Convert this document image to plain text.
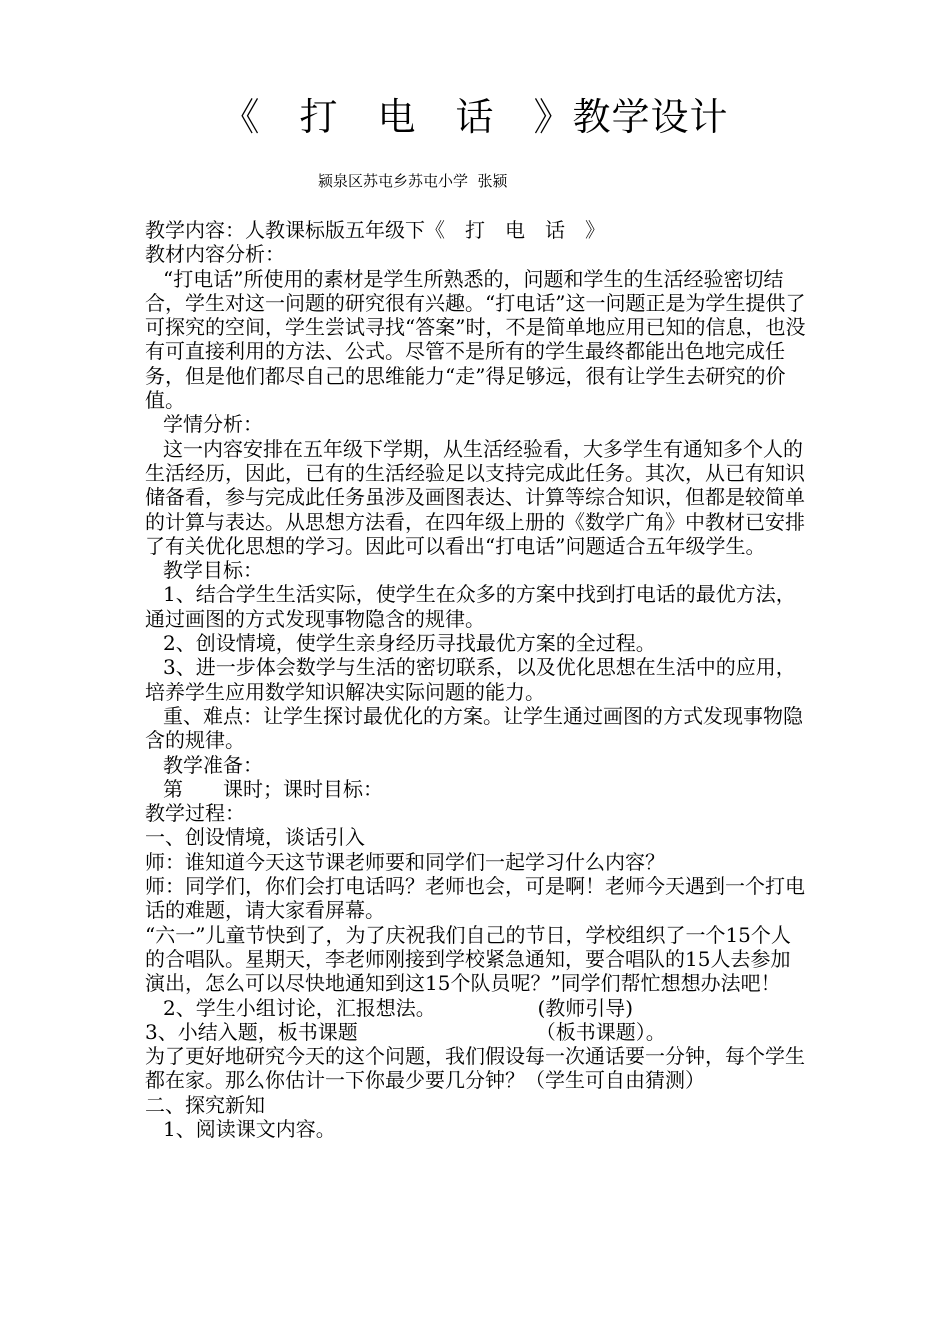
《　打　电　话　》教学设计
颍泉区苏屯乡苏屯小学  张颍

教学内容：人教课标版五年级下《　打　电　话　》

教材内容分析：

“打电话”所使用的素材是学生所熟悉的，问题和学生的生活经验密切结合，学生对这一问题的研究很有兴趣。“打电话”这一问题正是为学生提供了可探究的空间，学生尝试寻找“答案”时，不是简单地应用已知的信息，也没有可直接利用的方法、公式。尽管不是所有的学生最终都能出色地完成任务，但是他们都尽自己的思维能力“走”得足够远，很有让学生去研究的价值。

学情分析：

这一内容安排在五年级下学期，从生活经验看，大多学生有通知多个人的生活经历，因此，已有的生活经验足以支持完成此任务。其次，从已有知识储备看，参与完成此任务虽涉及画图表达、计算等综合知识，但都是较简单的计算与表达。从思想方法看，在四年级上册的《数学广角》中教材已安排了有关优化思想的学习。因此可以看出“打电话”问题适合五年级学生。

教学目标：

1、结合学生生活实际，使学生在众多的方案中找到打电话的最优方法，通过画图的方式发现事物隐含的规律。

2、创设情境，使学生亲身经历寻找最优方案的全过程。

3、进一步体会数学与生活的密切联系，以及优化思想在生活中的应用，培养学生应用数学知识解决实际问题的能力。

重、难点：让学生探讨最优化的方案。让学生通过画图的方式发现事物隐含的规律。

教学准备：

第　　课时；课时目标：

教学过程：

一、创设情境，谈话引入

师：谁知道今天这节课老师要和同学们一起学习什么内容？

师：同学们，你们会打电话吗？老师也会，可是啊！老师今天遇到一个打电话的难题，请大家看屏幕。

“六一”儿童节快到了，为了庆祝我们自己的节日，学校组织了一个15个人的合唱队。星期天，李老师刚接到学校紧急通知，要合唱队的15人去参加演出，怎么可以尽快地通知到这15个队员呢？”同学们帮忙想想办法吧！

2、学生小组讨论，汇报想法。                (教师引导)

3、小结入题，板书课题                            （板书课题）。

为了更好地研究今天的这个问题，我们假设每一次通话要一分钟，每个学生都在家。那么你估计一下你最少要几分钟？（学生可自由猜测）

二、探究新知

1、阅读课文内容。
